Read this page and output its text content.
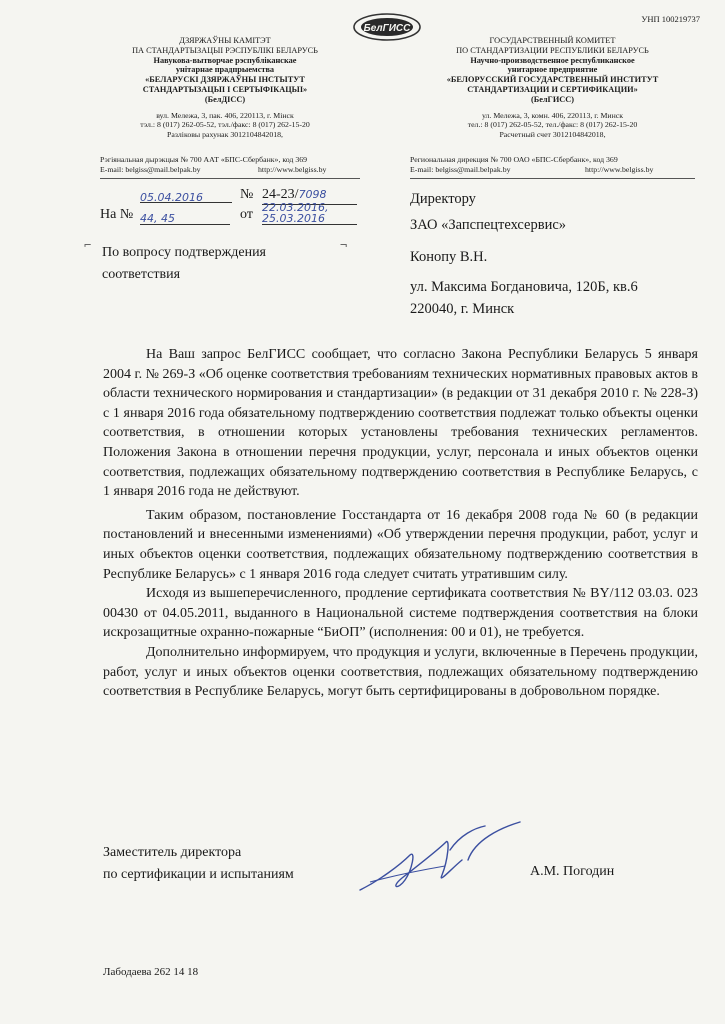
УНП 100219737
БелГИСС
ДЗЯРЖАЎНЫ КАМІТЭТ
ПА СТАНДАРТЫЗАЦЫІ РЭСПУБЛІКІ БЕЛАРУСЬ
Навукова-вытворчае рэспубліканскае
унітарнае прадпрыемства
«БЕЛАРУСКІ ДЗЯРЖАЎНЫ ІНСТЫТУТ
СТАНДАРТЫЗАЦЫІ І СЕРТЫФІКАЦЫІ»
(БелДІСС)
вул. Мележа, 3, пак. 406, 220113, г. Мінск
тэл.: 8 (017) 262-05-52, тэл./факс: 8 (017) 262-15-20
Разліковы рахунак 3012104842018,
Рэгіянальная дырэкцыя № 700 ААТ «БПС-Сбербанк», код 369
E-mail: belgiss@mail.belpak.by	http://www.belgiss.by
ГОСУДАРСТВЕННЫЙ КОМИТЕТ
ПО СТАНДАРТИЗАЦИИ РЕСПУБЛИКИ БЕЛАРУСЬ
Научно-производственное республиканское
унитарное предприятие
«БЕЛОРУССКИЙ ГОСУДАРСТВЕННЫЙ ИНСТИТУТ
СТАНДАРТИЗАЦИИ И СЕРТИФИКАЦИИ»
(БелГИСС)
ул. Мележа, 3, комн. 406, 220113, г. Минск
тел.: 8 (017) 262-05-52, тел./факс: 8 (017) 262-15-20
Расчетный счет 3012104842018,
Региональная дирекция № 700 ОАО «БПС-Сбербанк», код 369
E-mail: belgiss@mail.belpak.by	http://www.belgiss.by
05.04.2016	№ 24-23/7098
На № 44, 45	от 22.03.2016,
25.03.2016
Директору
ЗАО «Запспецтехсервис»
Конопу В.Н.
ул. Максима Богдановича, 120Б, кв.6
220040, г. Минск
⌐	¬
По вопросу подтверждения
соответствия

На Ваш запрос БелГИСС сообщает, что согласно Закона Республики Беларусь 5 января 2004 г. № 269-З «Об оценке соответствия требованиям технических нормативных правовых актов в области технического нормирования и стандартизации» (в редакции от 31 декабря 2010 г. № 228-З) с 1 января 2016 года обязательному подтверждению соответствия подлежат только объекты оценки соответствия, в отношении которых установлены требования технических регламентов. Положения Закона в отношении перечня продукции, услуг, персонала и иных объектов оценки соответствия, подлежащих обязательному подтверждению соответствия в Республике Беларусь, с 1 января 2016 года не действуют.

Таким образом, постановление Госстандарта от 16 декабря 2008 года № 60 (в редакции постановлений и внесенными изменениями) «Об утверждении перечня продукции, работ, услуг и иных объектов оценки соответствия, подлежащих обязательному подтверждению соответствия в Республике Беларусь» с 1 января 2016 года следует считать утратившим силу.

Исходя из вышеперечисленного, продление сертификата соответствия № BY/112 03.03. 023 00430 от 04.05.2011, выданного в Национальной системе подтверждения соответствия на блоки искрозащитные охранно-пожарные “БиОП” (исполнения: 00 и 01), не требуется.

Дополнительно информируем, что продукция и услуги, включенные в Перечень продукции, работ, услуг и иных объектов оценки соответствия, подлежащих обязательному подтверждению соответствия в Республике Беларусь, могут быть сертифицированы в добровольном порядке.

Заместитель директора
по сертификации и испытаниям	А.М. Погодин
Лабодаева 262 14 18
